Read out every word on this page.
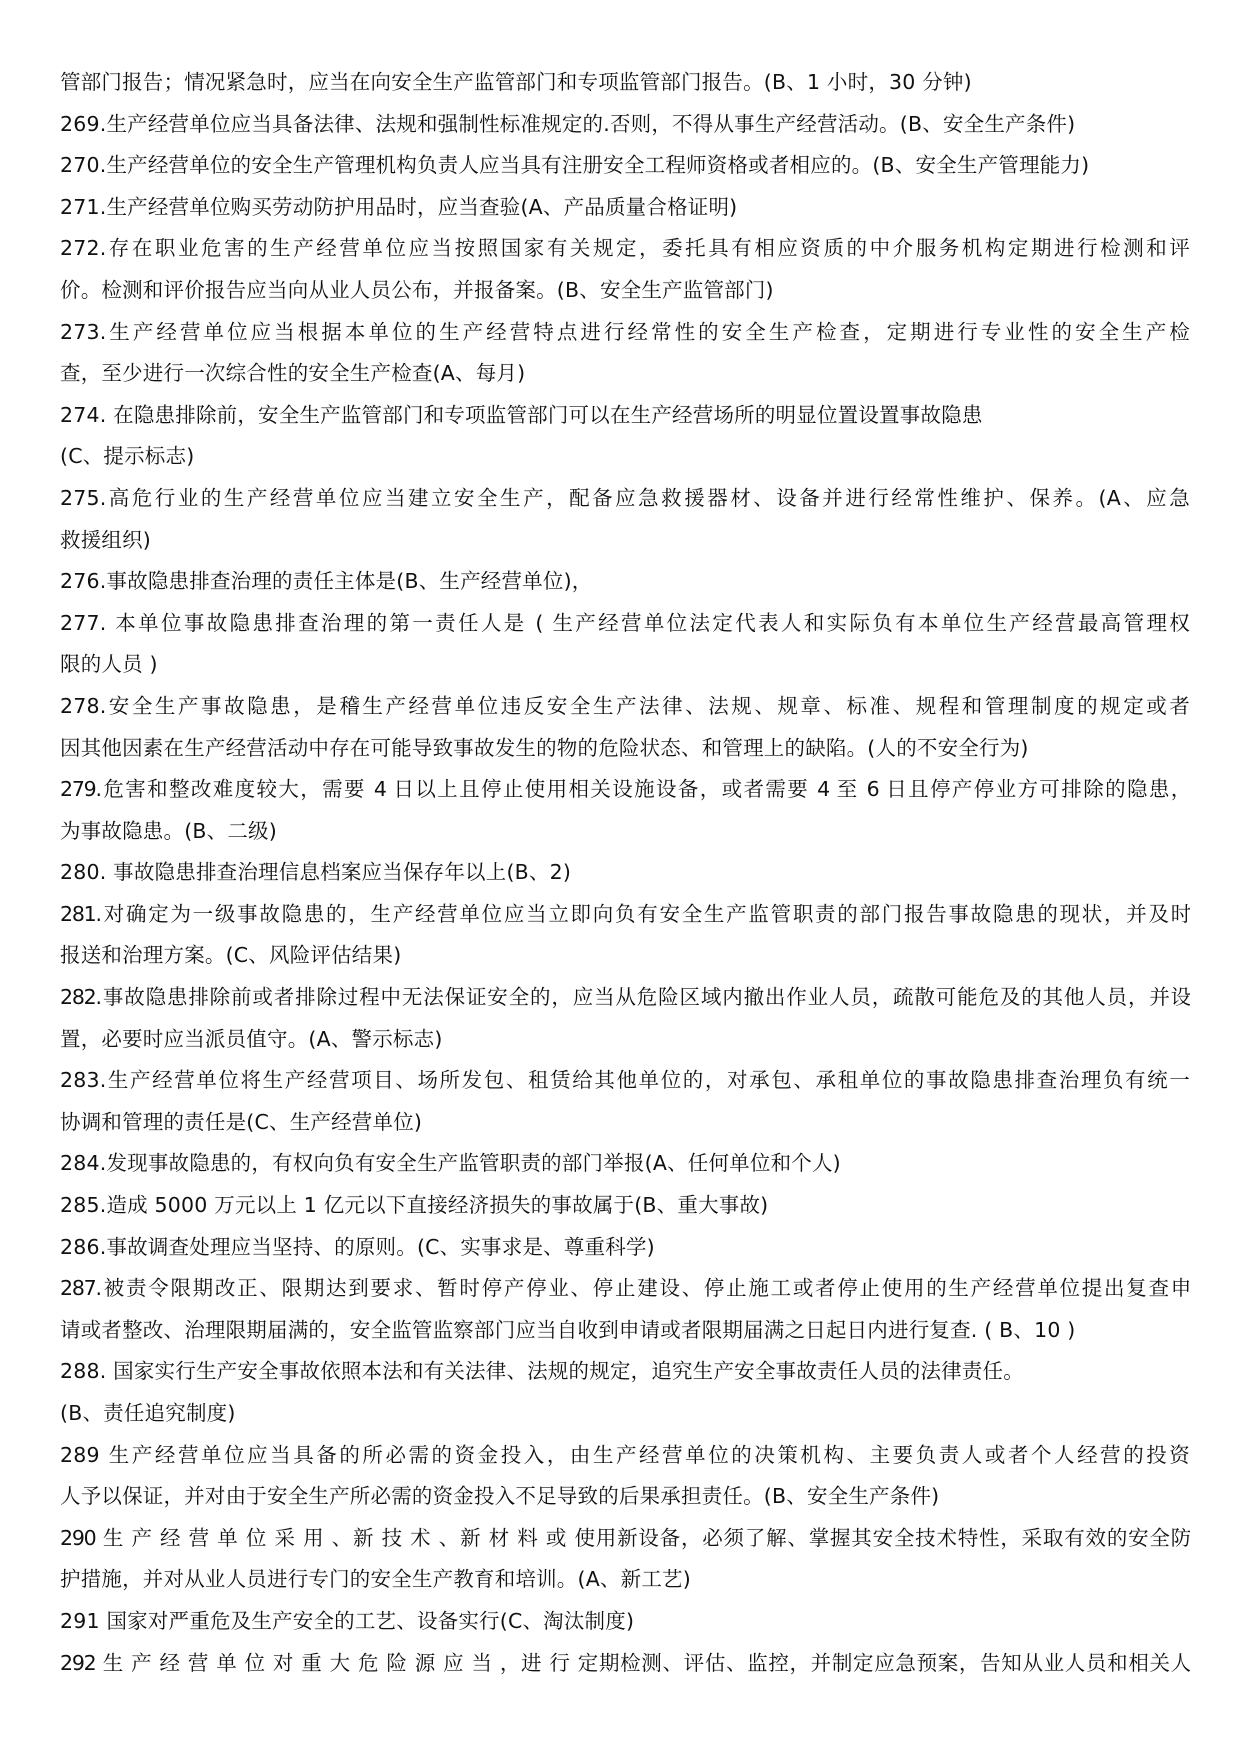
管部门报告；情况紧急时，应当在向安全生产监管部门和专项监管部门报告。(B、1 小时，30 分钟)
269.生产经营单位应当具备法律、法规和强制性标准规定的.否则，不得从事生产经营活动。(B、安全生产条件)
270.生产经营单位的安全生产管理机构负责人应当具有注册安全工程师资格或者相应的。(B、安全生产管理能力)
271.生产经营单位购买劳动防护用品时，应当查验(A、产品质量合格证明)
272.存在职业危害的生产经营单位应当按照国家有关规定，委托具有相应资质的中介服务机构定期进行检测和评
价。检测和评价报告应当向从业人员公布，并报备案。(B、安全生产监管部门)
273.生产经营单位应当根据本单位的生产经营特点进行经常性的安全生产检查，定期进行专业性的安全生产检
查，至少进行一次综合性的安全生产检查(A、每月)
274. 在隐患排除前，安全生产监管部门和专项监管部门可以在生产经营场所的明显位置设置事故隐患
(C、提示标志)
275.高危行业的生产经营单位应当建立安全生产，配备应急救援器材、设备并进行经常性维护、保养。(A、应急
救援组织)
276.事故隐患排查治理的责任主体是(B、生产经营单位)，
277. 本单位事故隐患排查治理的第一责任人是 ( 生产经营单位法定代表人和实际负有本单位生产经营最高管理权
限的人员 )
278.安全生产事故隐患，是稽生产经营单位违反安全生产法律、法规、规章、标准、规程和管理制度的规定或者
因其他因素在生产经营活动中存在可能导致事故发生的物的危险状态、和管理上的缺陷。(人的不安全行为)
279.危害和整改难度较大，需要 4 日以上且停止使用相关设施设备，或者需要 4 至 6 日且停产停业方可排除的隐患，
为事故隐患。(B、二级)
280. 事故隐患排查治理信息档案应当保存年以上(B、2)
281.对确定为一级事故隐患的，生产经营单位应当立即向负有安全生产监管职责的部门报告事故隐患的现状，并及时
报送和治理方案。(C、风险评估结果)
282.事故隐患排除前或者排除过程中无法保证安全的，应当从危险区域内撤出作业人员，疏散可能危及的其他人员，并设
置，必要时应当派员值守。(A、警示标志)
283.生产经营单位将生产经营项目、场所发包、租赁给其他单位的，对承包、承租单位的事故隐患排查治理负有统一
协调和管理的责任是(C、生产经营单位)
284.发现事故隐患的，有权向负有安全生产监管职责的部门举报(A、任何单位和个人)
285.造成 5000 万元以上 1 亿元以下直接经济损失的事故属于(B、重大事故)
286.事故调查处理应当坚持、的原则。(C、实事求是、尊重科学)
287.被责令限期改正、限期达到要求、暂时停产停业、停止建设、停止施工或者停止使用的生产经营单位提出复查申
请或者整改、治理限期届满的，安全监管监察部门应当自收到申请或者限期届满之日起日内进行复查. ( B、10 )
288. 国家实行生产安全事故依照本法和有关法律、法规的规定，追究生产安全事故责任人员的法律责任。
(B、责任追究制度)
289 生产经营单位应当具备的所必需的资金投入，由生产经营单位的决策机构、主要负责人或者个人经营的投资
人予以保证，并对由于安全生产所必需的资金投入不足导致的后果承担责任。(B、安全生产条件)
290 生 产 经 营 单 位 采 用 、新 技 术 、新 材 料 或 使用新设备，必须了解、掌握其安全技术特性，采取有效的安全防
护措施，并对从业人员进行专门的安全生产教育和培训。(A、新工艺)
291 国家对严重危及生产安全的工艺、设备实行(C、淘汰制度)
292 生 产 经 营 单 位 对 重 大 危 险 源 应 当 ，进 行 定期检测、评估、监控，并制定应急预案，告知从业人员和相关人
